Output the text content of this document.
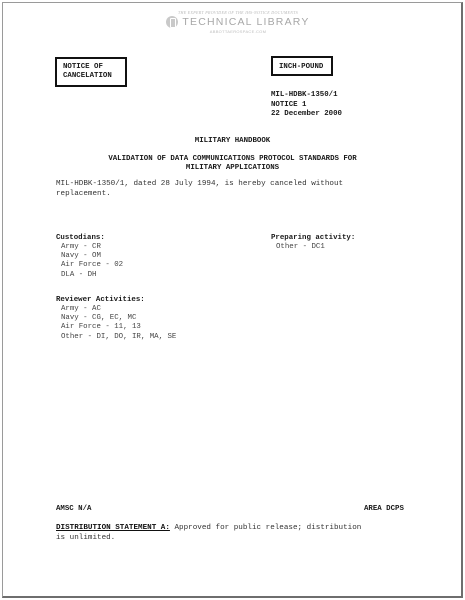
THE EXPERT PROVIDER OF THE IHS-NOTICE DOCUMENTS
TECHNICAL LIBRARY
ABBOTTAEROSPACE.COM
NOTICE OF
CANCELATION
INCH-POUND
MIL-HDBK-1350/1
NOTICE 1
22 December 2000
MILITARY HANDBOOK
VALIDATION OF DATA COMMUNICATIONS PROTOCOL STANDARDS FOR
MILITARY APPLICATIONS
MIL-HDBK-1350/1, dated 28 July 1994, is hereby canceled without
replacement.
Custodians:
Army - CR
Navy - OM
Air Force - 02
DLA - DH
Preparing activity:
Other - DC1
Reviewer Activities:
Army - AC
Navy - CG, EC, MC
Air Force - 11, 13
Other - DI, DO, IR, MA, SE
AMSC N/A	AREA DCPS
DISTRIBUTION STATEMENT A: Approved for public release; distribution
is unlimited.
